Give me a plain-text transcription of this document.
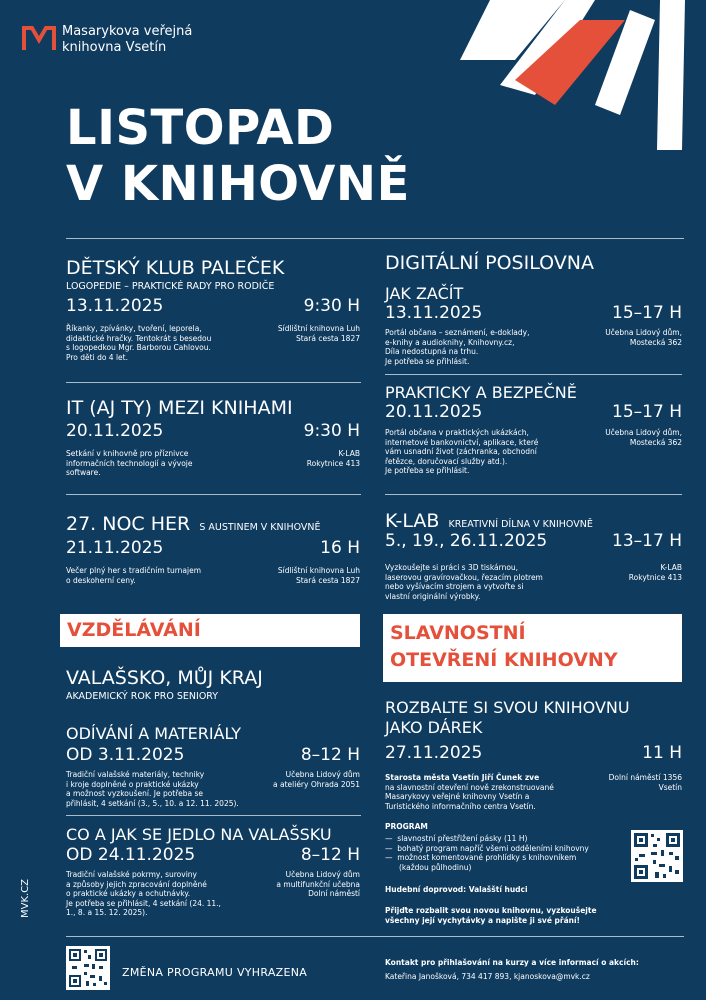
Masarykova veřejná
knihovna Vsetín
LISTOPAD
V KNIHOVNĚ
DĚTSKÝ KLUB PALEČEK
LOGOPEDIE – PRAKTICKÉ RADY PRO RODIČE
13.11.2025	9:30 H
Říkanky, zpívánky, tvoření, leporela,
didaktické hračky. Tentokrát s besedou
s logopedkou Mgr. Barborou Cahlovou.
Pro děti do 4 let.
Sídlištní knihovna Luh
Stará cesta 1827
IT (AJ TY) MEZI KNIHAMI
20.11.2025	9:30 H
Setkání v knihovně pro příznivce
informačních technologií a vývoje
software.
K-LAB
Rokytnice 413
27. NOC HER S AUSTINEM V KNIHOVNĚ
21.11.2025	16 H
Večer plný her s tradičním turnajem
o deskoherní ceny.
Sídlištní knihovna Luh
Stará cesta 1827
DIGITÁLNÍ POSILOVNA
JAK ZAČÍT
13.11.2025	15–17 H
Portál občana – seznámení, e-doklady,
e-knihy a audioknihy, Knihovny.cz,
Díla nedostupná na trhu.
Je potřeba se přihlásit.
Učebna Lidový dům,
Mostecká 362
PRAKTICKY A BEZPEČNĚ
20.11.2025	15–17 H
Portál občana v praktických ukázkách,
internetové bankovnictví, aplikace, které
vám usnadní život (záchranka, obchodní
řetězce, doručovací služby atd.).
Je potřeba se přihlásit.
Učebna Lidový dům,
Mostecká 362
K-LAB KREATIVNÍ DÍLNA V KNIHOVNĚ
5., 19., 26.11.2025	13–17 H
Vyzkoušejte si práci s 3D tiskárnou,
laserovou gravírovačkou, řezacím plotrem
nebo vyšívacím strojem a vytvořte si
vlastní originální výrobky.
K-LAB
Rokytnice 413
VZDĚLÁVÁNÍ
VALAŠSKO, MŮJ KRAJ
AKADEMICKÝ ROK PRO SENIORY
ODÍVÁNÍ A MATERIÁLY
OD 3.11.2025	8–12 H
Tradiční valašské materiály, techniky
i kroje doplněné o praktické ukázky
a možnost vyzkoušení. Je potřeba se
přihlásit, 4 setkání (3., 5., 10. a 12. 11. 2025).
Učebna Lidový dům
a ateliéry Ohrada 2051
CO A JAK SE JEDLO NA VALAŠSKU
OD 24.11.2025	8–12 H
Tradiční valašské pokrmy, suroviny
a způsoby jejich zpracování doplněné
o praktické ukázky a ochutnávky.
Je potřeba se přihlásit, 4 setkání (24. 11.,
1., 8. a 15. 12. 2025).
Učebna Lidový dům
a multifunkční učebna
Dolní náměstí
SLAVNOSTNÍ
OTEVŘENÍ KNIHOVNY
ROZBALTE SI SVOU KNIHOVNU
JAKO DÁREK
27.11.2025	11 H
Starosta města Vsetín Jiří Čunek zve
na slavnostní otevření nově zrekonstruované
Masarykovy veřejné knihovny Vsetín a
Turistického informačního centra Vsetín.
Dolní náměstí 1356
Vsetín
PROGRAM
—  slavnostní přestřižení pásky (11 H)
—  bohatý program napříč všemi odděleními knihovny
—  možnost komentované prohlídky s knihovníkem
(každou půlhodinu)
Hudební doprovod: Valašští hudci
Přijďte rozbalit svou novou knihovnu, vyzkoušejte
všechny její vychytávky a napište ji své přání!
MVK.CZ
ZMĚNA PROGRAMU VYHRAZENA
Kontakt pro přihlašování na kurzy a více informací o akcích:
Kateřina Janošková, 734 417 893, kjanoskova@mvk.cz
